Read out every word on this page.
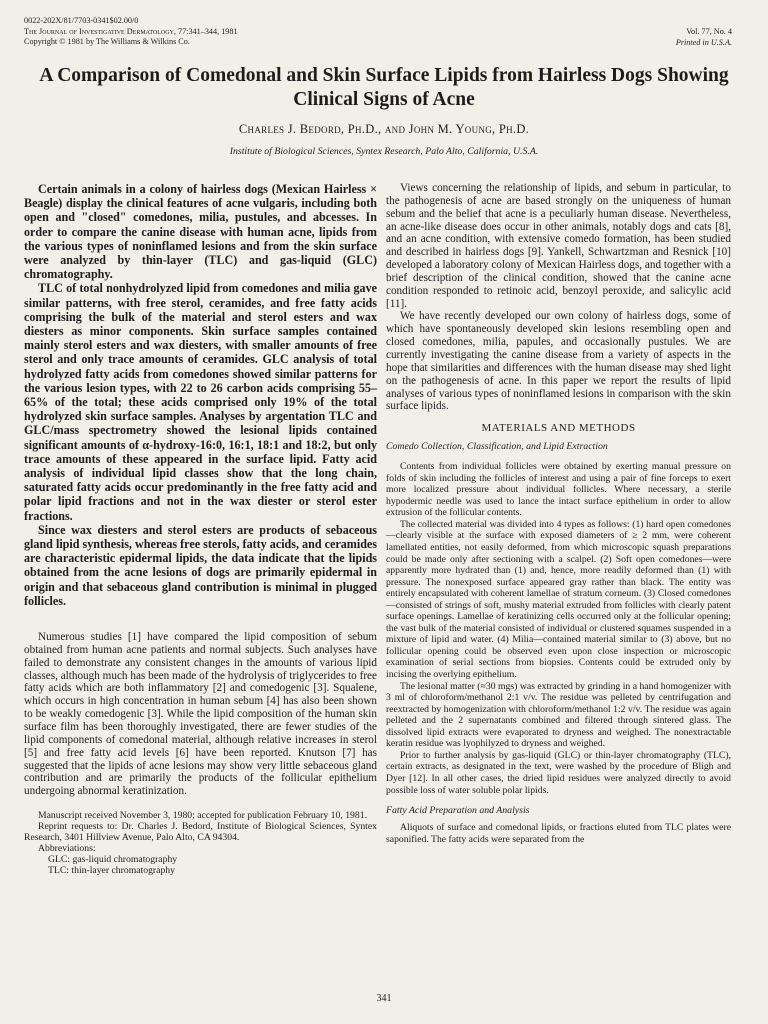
0022-202X/81/7703-0341$02.00/0
The Journal of Investigative Dermatology, 77:341–344, 1981
Copyright © 1981 by The Williams & Wilkins Co.
Vol. 77, No. 4
Printed in U.S.A.
A Comparison of Comedonal and Skin Surface Lipids from Hairless Dogs Showing Clinical Signs of Acne
Charles J. Bedord, Ph.D., and John M. Young, Ph.D.
Institute of Biological Sciences, Syntex Research, Palo Alto, California, U.S.A.

Certain animals in a colony of hairless dogs (Mexican Hairless × Beagle) display the clinical features of acne vulgaris, including both open and "closed" comedones, milia, pustules, and abcesses. In order to compare the canine disease with human acne, lipids from the various types of noninflamed lesions and from the skin surface were analyzed by thin-layer (TLC) and gas-liquid (GLC) chromatography.

TLC of total nonhydrolyzed lipid from comedones and milia gave similar patterns, with free sterol, ceramides, and free fatty acids comprising the bulk of the material and sterol esters and wax diesters as minor components. Skin surface samples contained mainly sterol esters and wax diesters, with smaller amounts of free sterol and only trace amounts of ceramides. GLC analysis of total hydrolyzed fatty acids from comedones showed similar patterns for the various lesion types, with 22 to 26 carbon acids comprising 55–65% of the total; these acids comprised only 19% of the total hydrolyzed skin surface samples. Analyses by argentation TLC and GLC/mass spectrometry showed the lesional lipids contained significant amounts of α-hydroxy-16:0, 16:1, 18:1 and 18:2, but only trace amounts of these appeared in the surface lipid. Fatty acid analysis of individual lipid classes show that the long chain, saturated fatty acids occur predominantly in the free fatty acid and polar lipid fractions and not in the wax diester or sterol ester fractions.

Since wax diesters and sterol esters are products of sebaceous gland lipid synthesis, whereas free sterols, fatty acids, and ceramides are characteristic epidermal lipids, the data indicate that the lipids obtained from the acne lesions of dogs are primarily epidermal in origin and that sebaceous gland contribution is minimal in plugged follicles.

Numerous studies [1] have compared the lipid composition of sebum obtained from human acne patients and normal subjects. Such analyses have failed to demonstrate any consistent changes in the amounts of various lipid classes, although much has been made of the hydrolysis of triglycerides to free fatty acids which are both inflammatory [2] and comedogenic [3]. Squalene, which occurs in high concentration in human sebum [4] has also been shown to be weakly comedogenic [3]. While the lipid composition of the human skin surface film has been thoroughly investigated, there are fewer studies of the lipid components of comedonal material, although relative increases in sterol [5] and free fatty acid levels [6] have been reported. Knutson [7] has suggested that the lipids of acne lesions may show very little sebaceous gland contribution and are primarily the products of the follicular epithelium undergoing abnormal keratinization.

Manuscript received November 3, 1980; accepted for publication February 10, 1981.

Reprint requests to: Dr. Charles J. Bedord, Institute of Biological Sciences, Syntex Research, 3401 Hillview Avenue, Palo Alto, CA 94304.

Abbreviations:

GLC: gas-liquid chromatography

TLC: thin-layer chromatography

Views concerning the relationship of lipids, and sebum in particular, to the pathogenesis of acne are based strongly on the uniqueness of human sebum and the belief that acne is a peculiarly human disease. Nevertheless, an acne-like disease does occur in other animals, notably dogs and cats [8], and an acne condition, with extensive comedo formation, has been studied and described in hairless dogs [9]. Yankell, Schwartzman and Resnick [10] developed a laboratory colony of Mexican Hairless dogs, and together with a brief description of the clinical condition, showed that the canine acne condition responded to retinoic acid, benzoyl peroxide, and salicylic acid [11].

We have recently developed our own colony of hairless dogs, some of which have spontaneously developed skin lesions resembling open and closed comedones, milia, papules, and occasionally pustules. We are currently investigating the canine disease from a variety of aspects in the hope that similarities and differences with the human disease may shed light on the pathogenesis of acne. In this paper we report the results of lipid analyses of various types of noninflamed lesions in comparison with the skin surface lipids.

MATERIALS AND METHODS
Comedo Collection, Classification, and Lipid Extraction

Contents from individual follicles were obtained by exerting manual pressure on folds of skin including the follicles of interest and using a pair of fine forceps to exert more localized pressure about individual follicles. Where necessary, a sterile hypodermic needle was used to lance the intact surface epithelium in order to allow extrusion of the follicular contents.

The collected material was divided into 4 types as follows: (1) hard open comedones—clearly visible at the surface with exposed diameters of ≥ 2 mm, were coherent lamellated entities, not easily deformed, from which microscopic squash preparations could be made only after sectioning with a scalpel. (2) Soft open comedones—were apparently more hydrated than (1) and, hence, more readily deformed than (1) with pressure. The nonexposed surface appeared gray rather than black. The entity was entirely encapsulated with coherent lamellae of stratum corneum. (3) Closed comedones—consisted of strings of soft, mushy material extruded from follicles with clearly patent surface openings. Lamellae of keratinizing cells occurred only at the follicular opening; the vast bulk of the material consisted of individual or clustered squames suspended in a mixture of lipid and water. (4) Milia—contained material similar to (3) above, but no follicular opening could be observed even upon close inspection or microscopic examination of serial sections from biopsies. Contents could be extruded only by incising the overlying epithelium.

The lesional matter (≈30 mgs) was extracted by grinding in a hand homogenizer with 3 ml of chloroform/methanol 2:1 v/v. The residue was pelleted by centrifugation and reextracted by homogenization with chloroform/methanol 1:2 v/v. The residue was again pelleted and the 2 supernatants combined and filtered through sintered glass. The dissolved lipid extracts were evaporated to dryness and weighed. The nonextractable keratin residue was lyophilyzed to dryness and weighed.

Prior to further analysis by gas-liquid (GLC) or thin-layer chromatography (TLC), certain extracts, as designated in the text, were washed by the procedure of Bligh and Dyer [12]. In all other cases, the dried lipid residues were analyzed directly to avoid possible loss of water soluble polar lipids.

Fatty Acid Preparation and Analysis

Aliquots of surface and comedonal lipids, or fractions eluted from TLC plates were saponified. The fatty acids were separated from the

341
